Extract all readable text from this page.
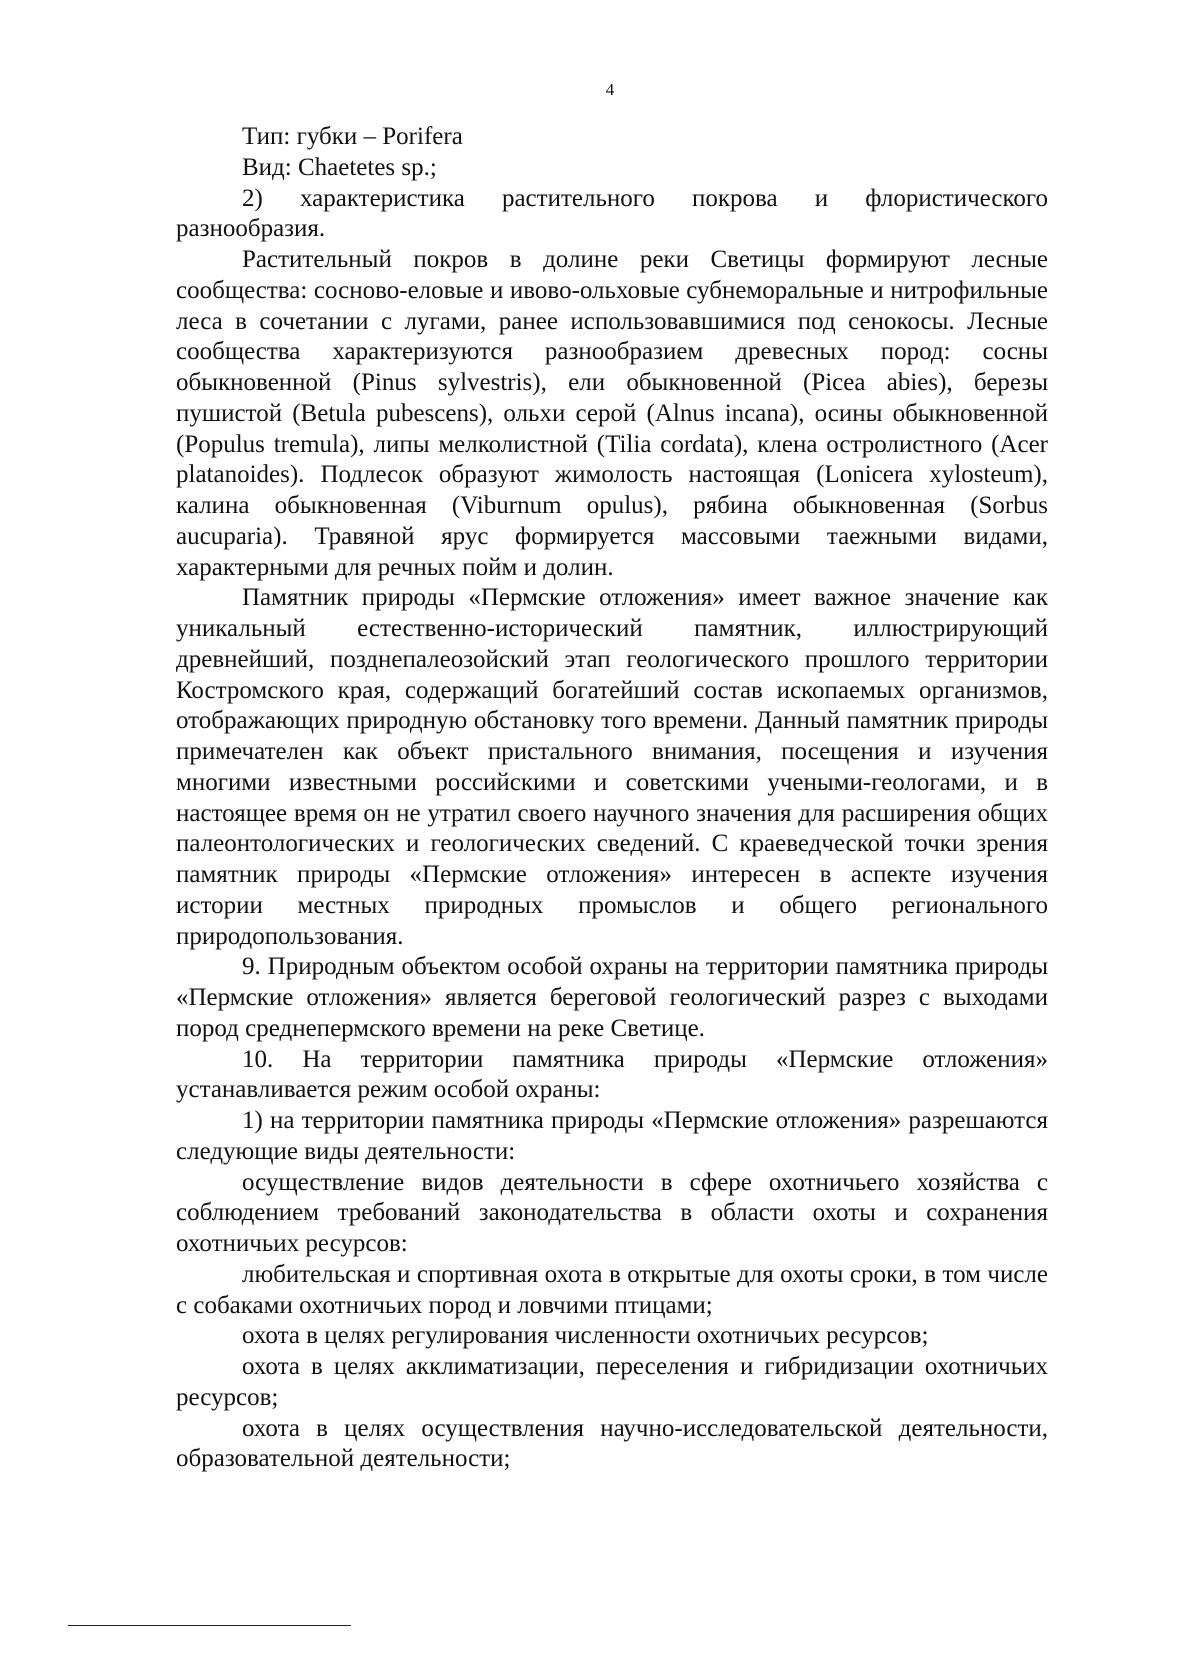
4

Тип: губки – Porifera

Вид: Chaetetes sp.;

2) характеристика растительного покрова и флористического разнообразия.

Растительный покров в долине реки Светицы формируют лесные сообщества: сосново-еловые и ивово-ольховые субнеморальные и нитрофильные леса в сочетании с лугами, ранее использовавшимися под сенокосы. Лесные сообщества характеризуются разнообразием древесных пород: сосны обыкновенной (Pinus sylvestris), ели обыкновенной (Picea abies), березы пушистой (Betula pubescens), ольхи серой (Alnus incana), осины обыкновенной (Populus tremula), липы мелколистной (Tilia cordata), клена остролистного (Acer platanoides). Подлесок образуют жимолость настоящая (Lonicera xylosteum), калина обыкновенная (Viburnum opulus), рябина обыкновенная (Sorbus aucuparia). Травяной ярус формируется массовыми таежными видами, характерными для речных пойм и долин.

Памятник природы «Пермские отложения» имеет важное значение как уникальный естественно-исторический памятник, иллюстрирующий древнейший, позднепалеозойский этап геологического прошлого территории Костромского края, содержащий богатейший состав ископаемых организмов, отображающих природную обстановку того времени. Данный памятник природы примечателен как объект пристального внимания, посещения и изучения многими известными российскими и советскими учеными-геологами, и в настоящее время он не утратил своего научного значения для расширения общих палеонтологических и геологических сведений. С краеведческой точки зрения памятник природы «Пермские отложения» интересен в аспекте изучения истории местных природных промыслов и общего регионального природопользования.

9. Природным объектом особой охраны на территории памятника природы «Пермские отложения» является береговой геологический разрез с выходами пород среднепермского времени на реке Светице.

10. На территории памятника природы «Пермские отложения» устанавливается режим особой охраны:

1) на территории памятника природы «Пермские отложения» разрешаются следующие виды деятельности:

осуществление видов деятельности в сфере охотничьего хозяйства с соблюдением требований законодательства в области охоты и сохранения охотничьих ресурсов:

любительская и спортивная охота в открытые для охоты сроки, в том числе с собаками охотничьих пород и ловчими птицами;

охота в целях регулирования численности охотничьих ресурсов;

охота в целях акклиматизации, переселения и гибридизации охотничьих ресурсов;

охота в целях осуществления научно-исследовательской деятельности, образовательной деятельности;
